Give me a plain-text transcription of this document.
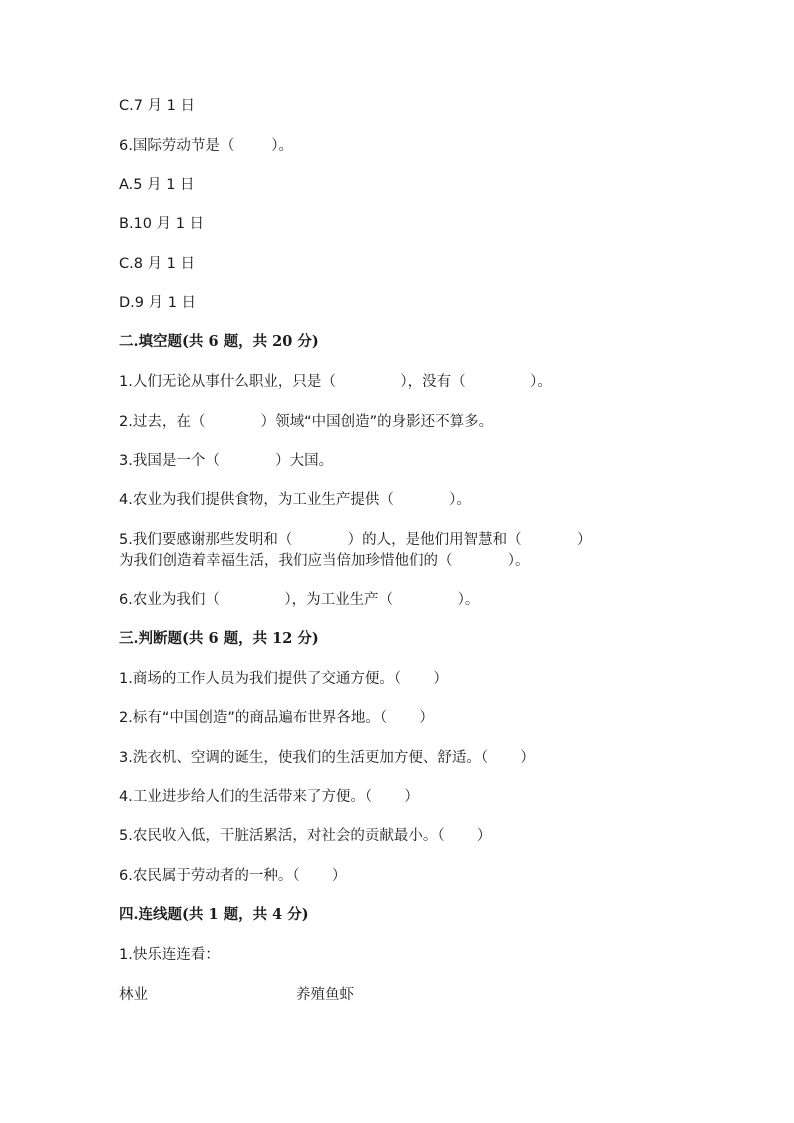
C.7 月 1 日

6.国际劳动节是（        ）。

A.5 月 1 日

B.10 月 1 日

C.8 月 1 日

D.9 月 1 日

二.填空题(共 6 题，共 20 分)

1.人们无论从事什么职业，只是（              ），没有（              ）。

2.过去，在（            ）领域“中国创造”的身影还不算多。

3.我国是一个（            ）大国。

4.农业为我们提供食物，为工业生产提供（            ）。

5.我们要感谢那些发明和（            ）的人，是他们用智慧和（            ）

为我们创造着幸福生活，我们应当倍加珍惜他们的（            ）。

6.农业为我们（              ），为工业生产（              ）。

三.判断题(共 6 题，共 12 分)

1.商场的工作人员为我们提供了交通方便。（       ）

2.标有“中国创造”的商品遍布世界各地。（       ）

3.洗衣机、空调的诞生，使我们的生活更加方便、舒适。（       ）

4.工业进步给人们的生活带来了方便。（       ）

5.农民收入低，干脏活累活，对社会的贡献最小。（       ）

6.农民属于劳动者的一种。（       ）

四.连线题(共 1 题，共 4 分)

1.快乐连连看：

林业	养殖鱼虾
